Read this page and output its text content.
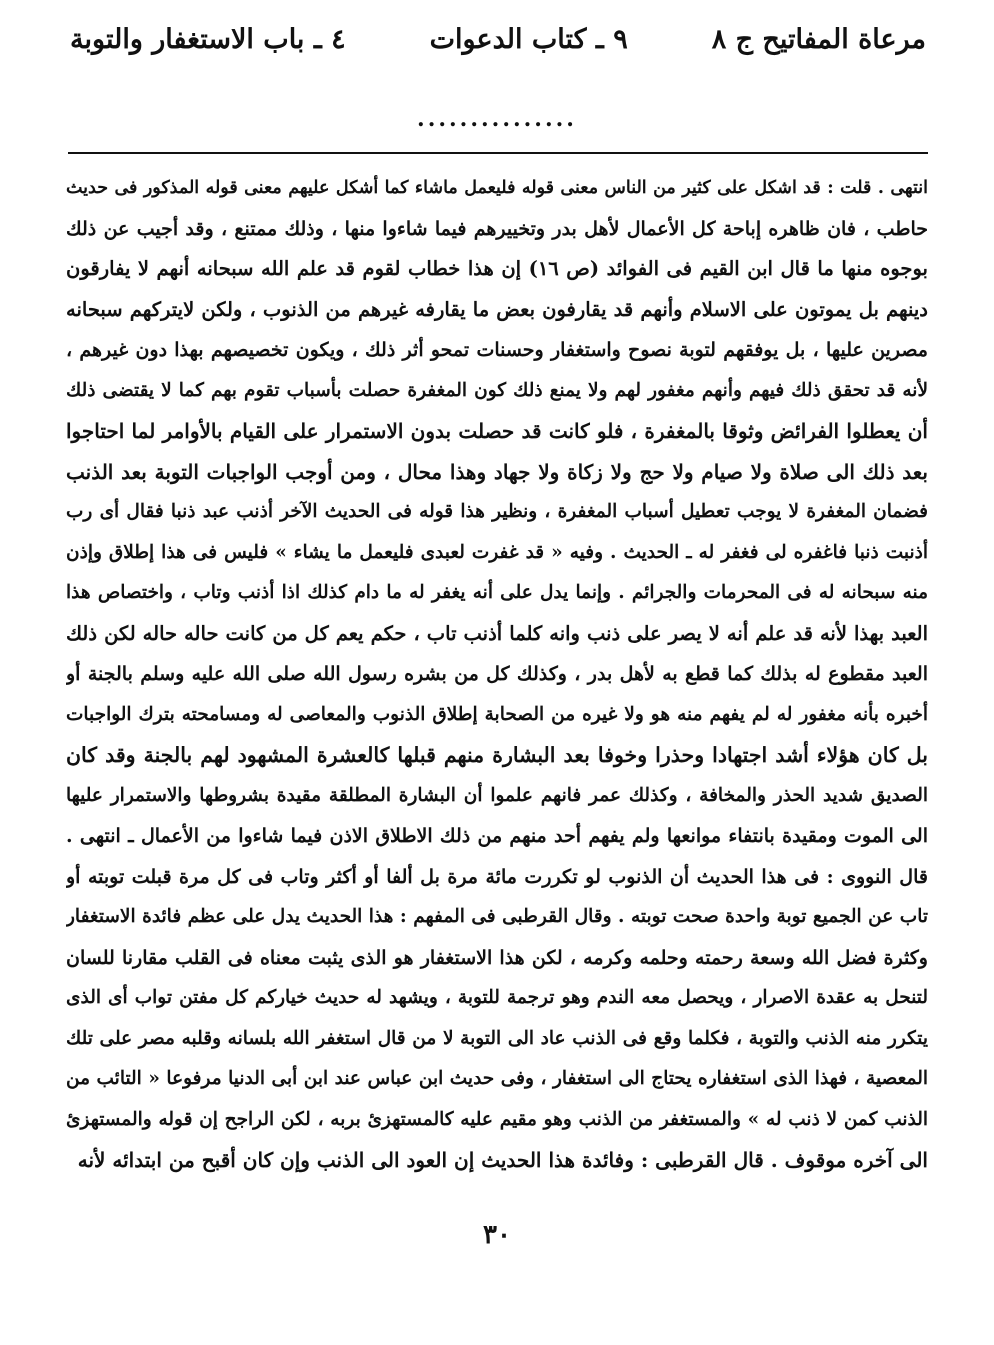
مرعاة المفاتيح ج ٨
٩ ـ كتاب الدعوات
٤ ـ باب الاستغفار والتوبة
...............
انتهى . قلت : قد اشكل على كثير من الناس معنى قوله فليعمل ماشاء كما أشكل عليهم معنى قوله المذكور فى حديث
حاطب ، فان ظاهره إباحة كل الأعمال لأهل بدر وتخييرهم فيما شاءوا منها ، وذلك ممتنع ، وقد أجيب عن ذلك
بوجوه منها ما قال ابن القيم فى الفوائد (ص ١٦) إن هذا خطاب لقوم قد علم الله سبحانه أنهم لا يفارقون
دينهم بل يموتون على الاسلام وأنهم قد يقارفون بعض ما يقارفه غيرهم من الذنوب ، ولكن لايتركهم سبحانه
مصرين عليها ، بل يوفقهم لتوبة نصوح واستغفار وحسنات تمحو أثر ذلك ، ويكون تخصيصهم بهذا دون غيرهم ،
لأنه قد تحقق ذلك فيهم وأنهم مغفور لهم ولا يمنع ذلك كون المغفرة حصلت بأسباب تقوم بهم كما لا يقتضى ذلك
أن يعطلوا الفرائض وثوقا بالمغفرة ، فلو كانت قد حصلت بدون الاستمرار على القيام بالأوامر لما احتاجوا
بعد ذلك الى صلاة ولا صيام ولا حج ولا زكاة ولا جهاد وهذا محال ، ومن أوجب الواجبات التوبة بعد الذنب
فضمان المغفرة لا يوجب تعطيل أسباب المغفرة ، ونظير هذا قوله فى الحديث الآخر أذنب عبد ذنبا فقال أى رب
أذنبت ذنبا فاغفره لى فغفر له ـ الحديث . وفيه « قد غفرت لعبدى فليعمل ما يشاء » فليس فى هذا إطلاق وإذن
منه سبحانه له فى المحرمات والجرائم . وإنما يدل على أنه يغفر له ما دام كذلك اذا أذنب وتاب ، واختصاص هذا
العبد بهذا لأنه قد علم أنه لا يصر على ذنب وانه كلما أذنب تاب ، حكم يعم كل من كانت حاله حاله لكن ذلك
العبد مقطوع له بذلك كما قطع به لأهل بدر ، وكذلك كل من بشره رسول الله صلى الله عليه وسلم بالجنة أو
أخبره بأنه مغفور له لم يفهم منه هو ولا غيره من الصحابة إطلاق الذنوب والمعاصى له ومسامحته بترك الواجبات
بل كان هؤلاء أشد اجتهادا وحذرا وخوفا بعد البشارة منهم قبلها كالعشرة المشهود لهم بالجنة وقد كان
الصديق شديد الحذر والمخافة ، وكذلك عمر فانهم علموا أن البشارة المطلقة مقيدة بشروطها والاستمرار عليها
الى الموت ومقيدة بانتفاء موانعها ولم يفهم أحد منهم من ذلك الاطلاق الاذن فيما شاءوا من الأعمال ـ انتهى .
قال النووى : فى هذا الحديث أن الذنوب لو تكررت مائة مرة بل ألفا أو أكثر وتاب فى كل مرة قبلت توبته أو
تاب عن الجميع توبة واحدة صحت توبته . وقال القرطبى فى المفهم : هذا الحديث يدل على عظم فائدة الاستغفار
وكثرة فضل الله وسعة رحمته وحلمه وكرمه ، لكن هذا الاستغفار هو الذى يثبت معناه فى القلب مقارنا للسان
لتنحل به عقدة الاصرار ، ويحصل معه الندم وهو ترجمة للتوبة ، ويشهد له حديث خياركم كل مفتن تواب أى الذى
يتكرر منه الذنب والتوبة ، فكلما وقع فى الذنب عاد الى التوبة لا من قال استغفر الله بلسانه وقلبه مصر على تلك
المعصية ، فهذا الذى استغفاره يحتاج الى استغفار ، وفى حديث ابن عباس عند ابن أبى الدنيا مرفوعا « التائب من
الذنب كمن لا ذنب له » والمستغفر من الذنب وهو مقيم عليه كالمستهزئ بربه ، لكن الراجح إن قوله والمستهزئ
الى آخره موقوف . قال القرطبى : وفائدة هذا الحديث إن العود الى الذنب وإن كان أقبح من ابتدائه لأنه
٣٠
